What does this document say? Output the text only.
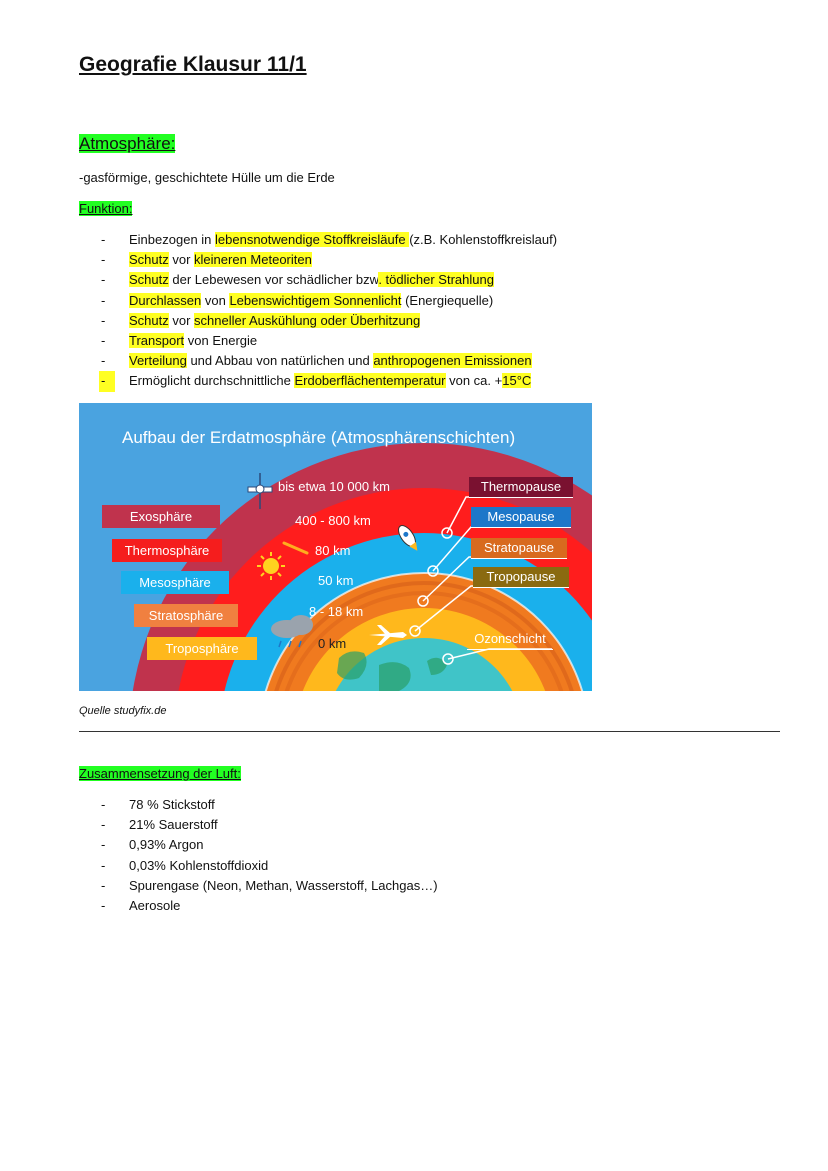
Geografie Klausur 11/1
Atmosphäre:
-gasförmige, geschichtete Hülle um die Erde
Funktion:
- Einbezogen in lebensnotwendige Stoffkreisläufe (z.B. Kohlenstoffkreislauf)
- Schutz vor kleineren Meteoriten
- Schutz der Lebewesen vor schädlicher bzw. tödlicher Strahlung
- Durchlassen von Lebenswichtigem Sonnenlicht (Energiequelle)
- Schutz vor schneller Auskühlung oder Überhitzung
- Transport von Energie
- Verteilung und Abbau von natürlichen und anthropogenen Emissionen
-	Ermöglicht durchschnittliche Erdoberflächentemperatur von ca. +15°C
Aufbau der Erdatmosphäre (Atmosphärenschichten)
Exosphäre
Thermosphäre
Mesosphäre
Stratosphäre
Troposphäre
bis etwa 10 000 km
400 - 800 km
80 km
50 km
8 - 18 km
0 km
Thermopause
Mesopause
Stratopause
Tropopause
Ozonschicht
Quelle studyfix.de
Zusammensetzung der Luft:
- 78 % Stickstoff
- 21% Sauerstoff
- 0,93% Argon
- 0,03% Kohlenstoffdioxid
- Spurengase (Neon, Methan, Wasserstoff, Lachgas…)
- Aerosole
